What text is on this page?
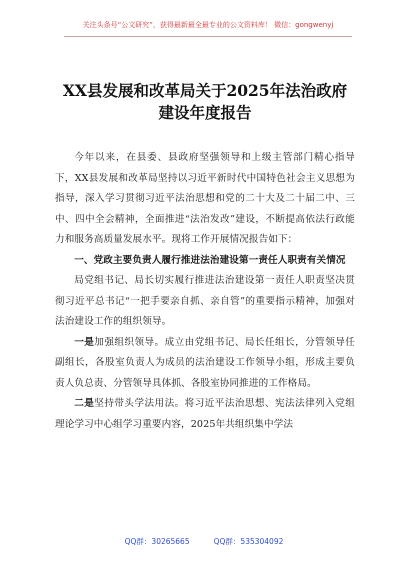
关注头条号“公文研究”，获得最新最全最专业的公文资料库！ 微信：gongwenyj
XX县发展和改革局关于2025年法治政府
建设年度报告

今年以来，在县委、县政府坚强领导和上级主管部门精心指导下，XX县发展和改革局坚持以习近平新时代中国特色社会主义思想为指导，深入学习贯彻习近平法治思想和党的二十大及二十届二中、三中、四中全会精神，全面推进“法治发改”建设，不断提高依法行政能力和服务高质量发展水平。现将工作开展情况报告如下：

一、党政主要负责人履行推进法治建设第一责任人职责有关情况

局党组书记、局长切实履行推进法治建设第一责任人职责坚决贯彻习近平总书记“一把手要亲自抓、亲自管”的重要指示精神，加强对法治建设工作的组织领导。

一是加强组织领导。成立由党组书记、局长任组长，分管领导任副组长，各股室负责人为成员的法治建设工作领导小组，形成主要负责人负总责、分管领导具体抓、各股室协同推进的工作格局。

二是坚持带头学法用法。将习近平法治思想、宪法法律列入党组理论学习中心组学习重要内容，2025年共组织集中学法

QQ群：30265665	QQ群：535304092
